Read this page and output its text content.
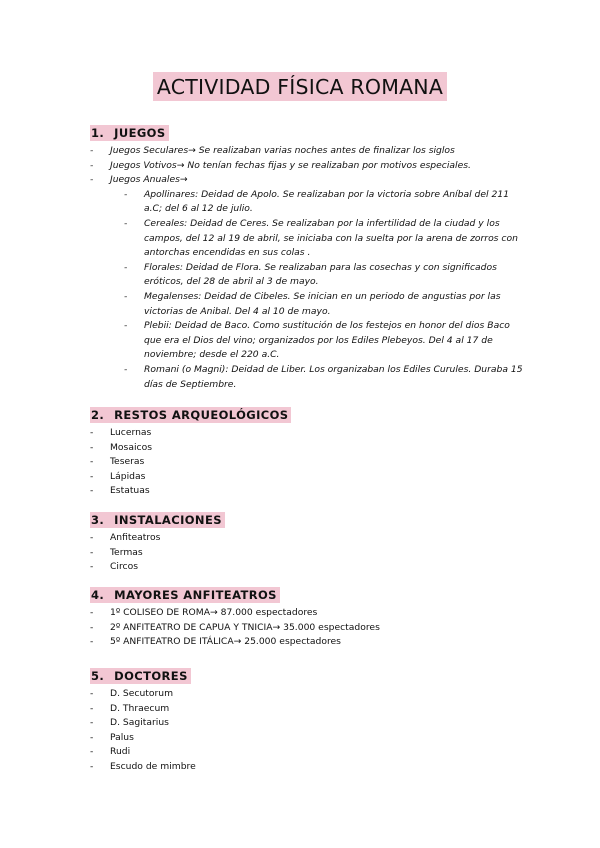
ACTIVIDAD FÍSICA ROMANA
1. JUEGOS
- Juegos Seculares→ Se realizaban varias noches antes de finalizar los siglos
- Juegos Votivos→ No tenían fechas fijas y se realizaban por motivos especiales.
- Juegos Anuales→
- Apollinares: Deidad de Apolo. Se realizaban por la victoria sobre Aníbal del 211 a.C; del 6 al 12 de julio.
- Cereales: Deidad de Ceres. Se realizaban por la infertilidad de la ciudad y los campos, del 12 al 19 de abril, se iniciaba con la suelta por la arena de zorros con antorchas encendidas en sus colas .
- Florales: Deidad de Flora. Se realizaban para las cosechas y con significados eróticos, del 28 de abril al 3 de mayo.
- Megalenses: Deidad de Cibeles. Se inician en un periodo de angustias por las victorias de Anibal. Del 4 al 10 de mayo.
- Plebii: Deidad de Baco. Como sustitución de los festejos en honor del dios Baco que era el Dios del vino; organizados por los Ediles Plebeyos. Del 4 al 17 de noviembre; desde el 220 a.C.
- Romani (o Magni): Deidad de Liber. Los organizaban los Ediles Curules. Duraba 15 días de Septiembre.
2. RESTOS ARQUEOLÓGICOS
- Lucernas
- Mosaicos
- Teseras
- Lápidas
- Estatuas
3. INSTALACIONES
- Anfiteatros
- Termas
- Circos
4. MAYORES ANFITEATROS
- 1º COLISEO DE ROMA→ 87.000 espectadores
- 2º ANFITEATRO DE CAPUA Y TNICIA→ 35.000 espectadores
- 5º ANFITEATRO DE ITÁLICA→ 25.000 espectadores
5. DOCTORES
- D. Secutorum
- D. Thraecum
- D. Sagitarius
- Palus
- Rudi
- Escudo de mimbre
